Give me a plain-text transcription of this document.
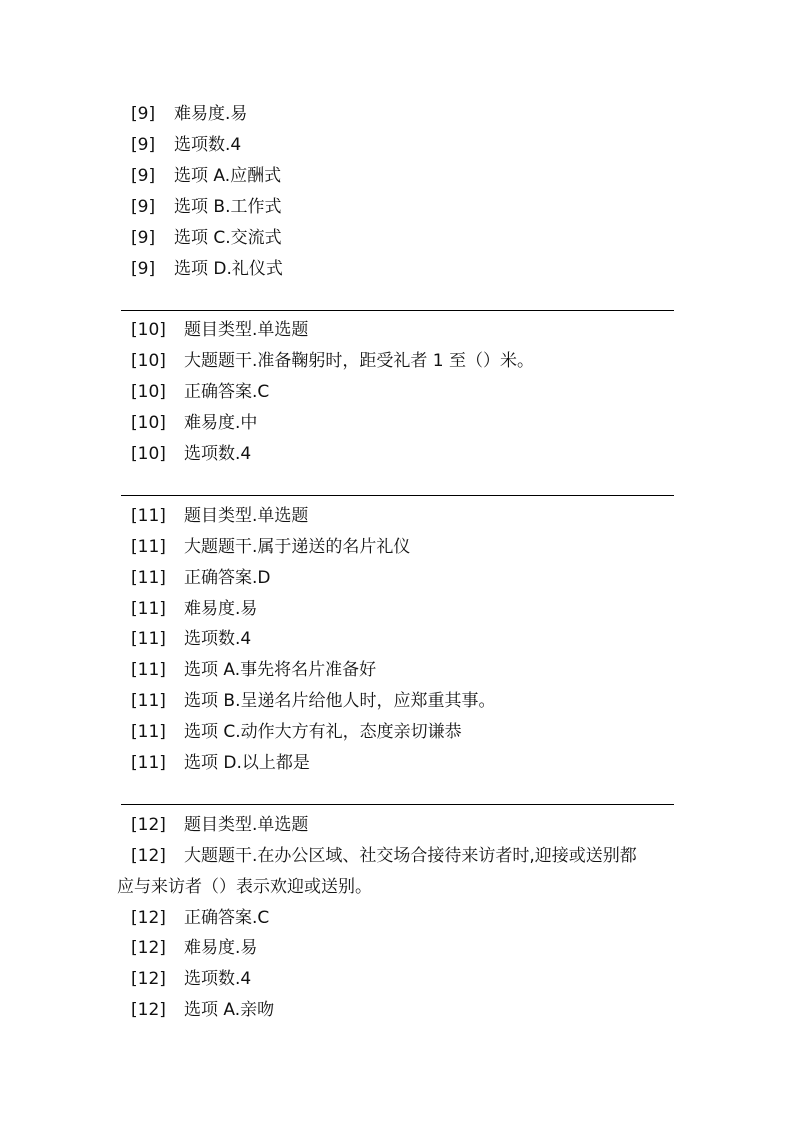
[9] 难易度.易
[9] 选项数.4
[9] 选项 A.应酬式
[9] 选项 B.工作式
[9] 选项 C.交流式
[9] 选项 D.礼仪式
[10] 题目类型.单选题
[10] 大题题干.准备鞠躬时，距受礼者 1 至（）米。
[10] 正确答案.C
[10] 难易度.中
[10] 选项数.4
[11] 题目类型.单选题
[11] 大题题干.属于递送的名片礼仪
[11] 正确答案.D
[11] 难易度.易
[11] 选项数.4
[11] 选项 A.事先将名片准备好
[11] 选项 B.呈递名片给他人时，应郑重其事。
[11] 选项 C.动作大方有礼，态度亲切谦恭
[11] 选项 D.以上都是
[12] 题目类型.单选题
[12] 大题题干.在办公区域、社交场合接待来访者时,迎接或送别都
应与来访者（）表示欢迎或送别。
[12] 正确答案.C
[12] 难易度.易
[12] 选项数.4
[12] 选项 A.亲吻
